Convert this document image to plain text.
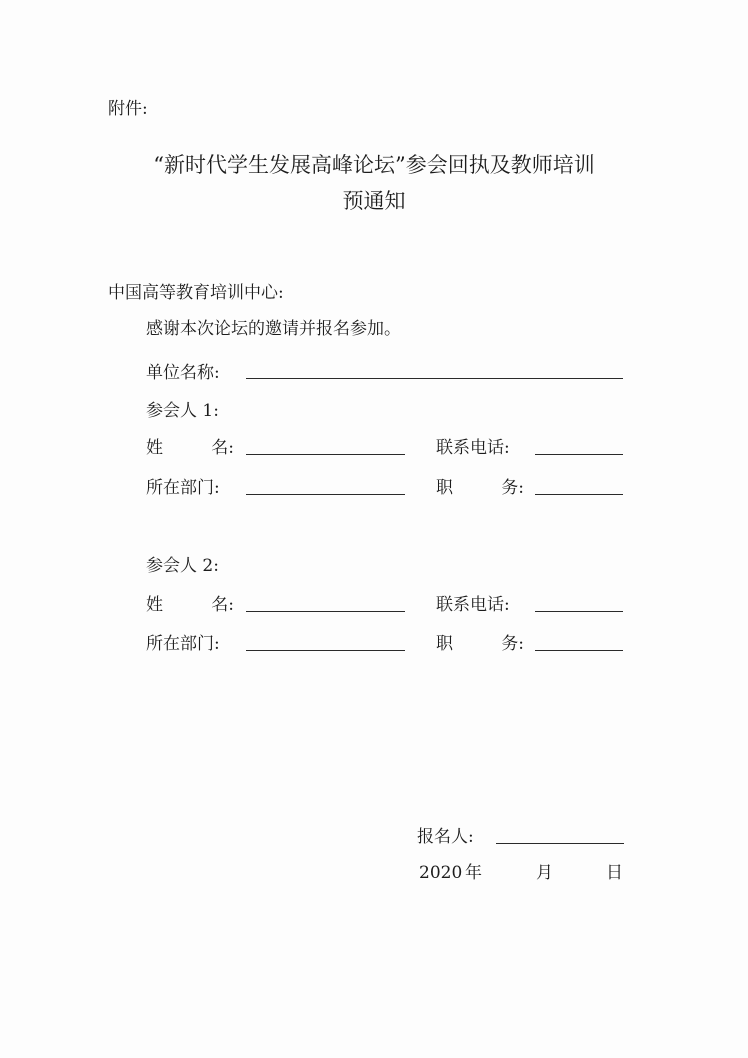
附件:
“新时代学生发展高峰论坛”参会回执及教师培训
预通知
中国高等教育培训中心:
感谢本次论坛的邀请并报名参加。
单位名称:
参会人 1:
姓	名:	联系电话:
所在部门:	职	务:
参会人 2:
姓	名:	联系电话:
所在部门:	职	务:
报名人:
2020 年	月	日
